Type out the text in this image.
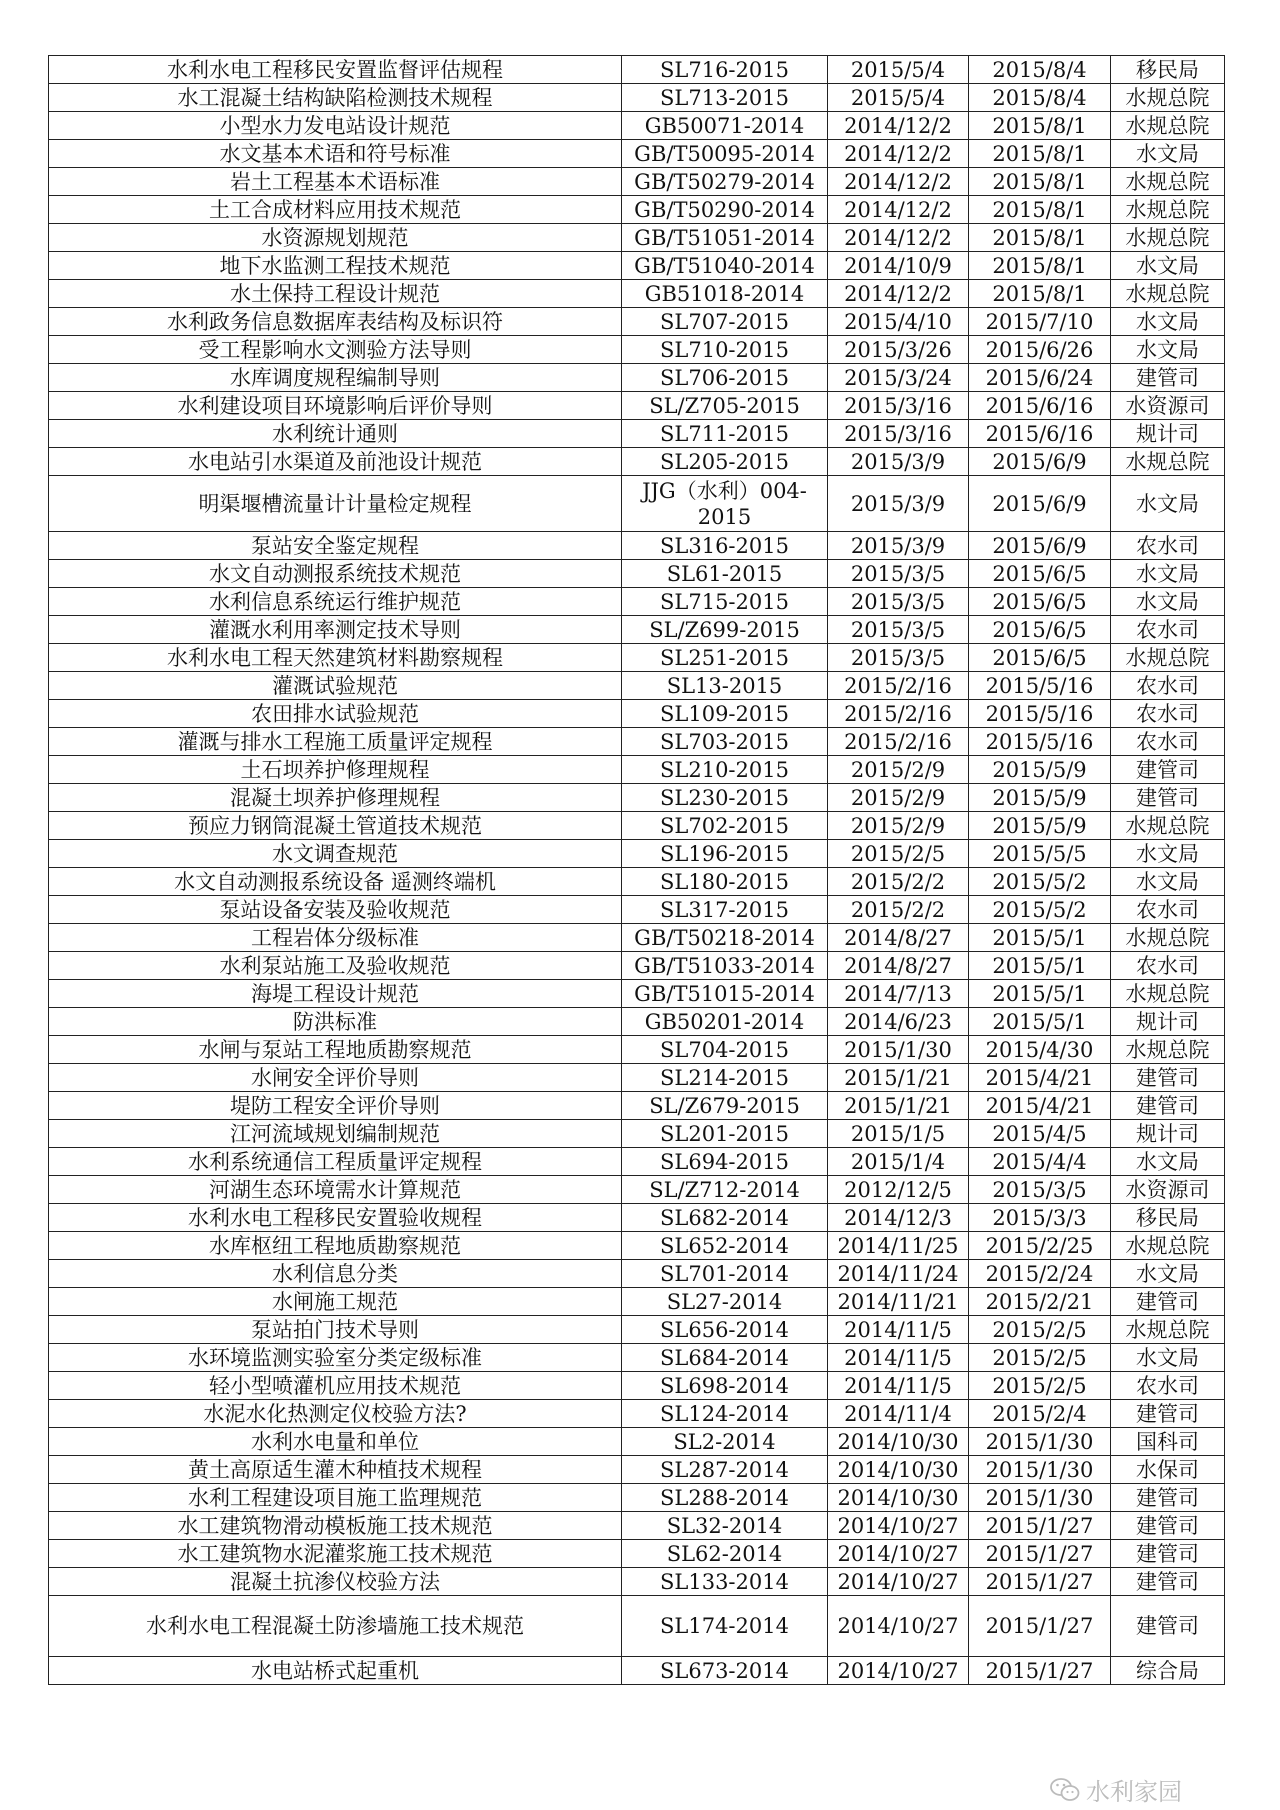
水利水电工程移民安置监督评估规程	SL716-2015	2015/5/4	2015/8/4	移民局
水工混凝土结构缺陷检测技术规程	SL713-2015	2015/5/4	2015/8/4	水规总院
小型水力发电站设计规范	GB50071-2014	2014/12/2	2015/8/1	水规总院
水文基本术语和符号标准	GB/T50095-2014	2014/12/2	2015/8/1	水文局
岩土工程基本术语标准	GB/T50279-2014	2014/12/2	2015/8/1	水规总院
土工合成材料应用技术规范	GB/T50290-2014	2014/12/2	2015/8/1	水规总院
水资源规划规范	GB/T51051-2014	2014/12/2	2015/8/1	水规总院
地下水监测工程技术规范	GB/T51040-2014	2014/10/9	2015/8/1	水文局
水土保持工程设计规范	GB51018-2014	2014/12/2	2015/8/1	水规总院
水利政务信息数据库表结构及标识符	SL707-2015	2015/4/10	2015/7/10	水文局
受工程影响水文测验方法导则	SL710-2015	2015/3/26	2015/6/26	水文局
水库调度规程编制导则	SL706-2015	2015/3/24	2015/6/24	建管司
水利建设项目环境影响后评价导则	SL/Z705-2015	2015/3/16	2015/6/16	水资源司
水利统计通则	SL711-2015	2015/3/16	2015/6/16	规计司
水电站引水渠道及前池设计规范	SL205-2015	2015/3/9	2015/6/9	水规总院
明渠堰槽流量计计量检定规程	JJG（水利）004-2015	2015/3/9	2015/6/9	水文局
泵站安全鉴定规程	SL316-2015	2015/3/9	2015/6/9	农水司
水文自动测报系统技术规范	SL61-2015	2015/3/5	2015/6/5	水文局
水利信息系统运行维护规范	SL715-2015	2015/3/5	2015/6/5	水文局
灌溉水利用率测定技术导则	SL/Z699-2015	2015/3/5	2015/6/5	农水司
水利水电工程天然建筑材料勘察规程	SL251-2015	2015/3/5	2015/6/5	水规总院
灌溉试验规范	SL13-2015	2015/2/16	2015/5/16	农水司
农田排水试验规范	SL109-2015	2015/2/16	2015/5/16	农水司
灌溉与排水工程施工质量评定规程	SL703-2015	2015/2/16	2015/5/16	农水司
土石坝养护修理规程	SL210-2015	2015/2/9	2015/5/9	建管司
混凝土坝养护修理规程	SL230-2015	2015/2/9	2015/5/9	建管司
预应力钢筒混凝土管道技术规范	SL702-2015	2015/2/9	2015/5/9	水规总院
水文调查规范	SL196-2015	2015/2/5	2015/5/5	水文局
水文自动测报系统设备 遥测终端机	SL180-2015	2015/2/2	2015/5/2	水文局
泵站设备安装及验收规范	SL317-2015	2015/2/2	2015/5/2	农水司
工程岩体分级标准	GB/T50218-2014	2014/8/27	2015/5/1	水规总院
水利泵站施工及验收规范	GB/T51033-2014	2014/8/27	2015/5/1	农水司
海堤工程设计规范	GB/T51015-2014	2014/7/13	2015/5/1	水规总院
防洪标准	GB50201-2014	2014/6/23	2015/5/1	规计司
水闸与泵站工程地质勘察规范	SL704-2015	2015/1/30	2015/4/30	水规总院
水闸安全评价导则	SL214-2015	2015/1/21	2015/4/21	建管司
堤防工程安全评价导则	SL/Z679-2015	2015/1/21	2015/4/21	建管司
江河流域规划编制规范	SL201-2015	2015/1/5	2015/4/5	规计司
水利系统通信工程质量评定规程	SL694-2015	2015/1/4	2015/4/4	水文局
河湖生态环境需水计算规范	SL/Z712-2014	2012/12/5	2015/3/5	水资源司
水利水电工程移民安置验收规程	SL682-2014	2014/12/3	2015/3/3	移民局
水库枢纽工程地质勘察规范	SL652-2014	2014/11/25	2015/2/25	水规总院
水利信息分类	SL701-2014	2014/11/24	2015/2/24	水文局
水闸施工规范	SL27-2014	2014/11/21	2015/2/21	建管司
泵站拍门技术导则	SL656-2014	2014/11/5	2015/2/5	水规总院
水环境监测实验室分类定级标准	SL684-2014	2014/11/5	2015/2/5	水文局
轻小型喷灌机应用技术规范	SL698-2014	2014/11/5	2015/2/5	农水司
水泥水化热测定仪校验方法?	SL124-2014	2014/11/4	2015/2/4	建管司
水利水电量和单位	SL2-2014	2014/10/30	2015/1/30	国科司
黄土高原适生灌木种植技术规程	SL287-2014	2014/10/30	2015/1/30	水保司
水利工程建设项目施工监理规范	SL288-2014	2014/10/30	2015/1/30	建管司
水工建筑物滑动模板施工技术规范	SL32-2014	2014/10/27	2015/1/27	建管司
水工建筑物水泥灌浆施工技术规范	SL62-2014	2014/10/27	2015/1/27	建管司
混凝土抗渗仪校验方法	SL133-2014	2014/10/27	2015/1/27	建管司
水利水电工程混凝土防渗墙施工技术规范	SL174-2014	2014/10/27	2015/1/27	建管司
水电站桥式起重机	SL673-2014	2014/10/27	2015/1/27	综合局
水利家园
